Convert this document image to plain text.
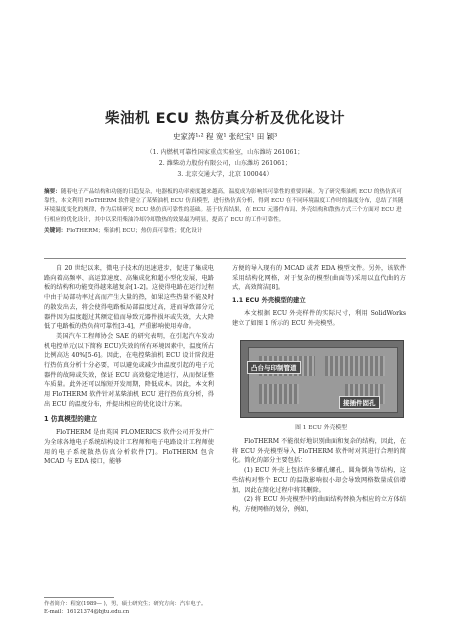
柴油机 ECU 热仿真分析及优化设计
史家涛¹˒² 程 宽¹ 张纪宝¹ 田 颖³
（1. 内燃机可靠性国家重点实验室，山东潍坊 261061；
2. 潍柴动力股份有限公司，山东潍坊 261061；
3. 北京交通大学，北京 100044）

摘要：随着电子产品结构和功能的日趋复杂，电器板的功率密度越来越高，温度成为影响其可靠性的重要因素。为了研究柴油机 ECU 的热仿真可靠性，本文利用 FloTHERM 软件建立了某柴油机 ECU 仿真模型，进行热仿真分析，得到 ECU 在不同环境温度工作时的温度分布，总结了其随环境温度变化的规律，作为后续研究 ECU 热仿真可靠性的基础。基于仿真结果，在 ECU 元器件布局、外壳结构和散热方式三个方面对 ECU 进行相应的优化设计，其中以采用柴油冷却冷却散热的效果最为明显，提高了 ECU 的工作可靠性。

关键词：FloTHERM；柴油机 ECU；热仿真可靠性；优化设计

自 20 世纪以来，微电子技术的迅速进步，促进了集成电路向着高频率、高运算速度、高集成化和超小型化发展，电路板的结构和功能变得越来越复杂[1-2]。这使得电路在运行过程中由于局部功率过高而产生大量的热，如果这些热量不能及时的散发出去，将会使得电路板局部温度过高，进而导致部分元器件因为温度超过其额定值而导致元器件损坏或失效，大大降低了电路板的热负荷可靠性[3-4]，严重影响使用寿命。

美国汽车工程师协会 SAE 的研究表明，在引起汽车发动机电控单元(以下简称 ECU)失效的所有环境因素中，温度所占比例高达 40%[5-6]。因此，在电控柴油机 ECU 设计阶段进行热仿真分析十分必要，可以避免或减少由温度引起的电子元器件的故障或失效，保证 ECU 高效稳定地运行，从而保证整车质量。此外还可以缩短开发周期，降低成本。因此，本文利用 FloTHERM 软件针对某柴油机 ECU 进行热仿真分析，得出 ECU 的温度分布，并提出相应的优化设计方案。

1 仿真模型的建立

FloTHERM 是由英国 FLOMERICS 软件公司开发并广为全球各地电子系统结构设计工程师和电子电路设计工程师使用的电子系统散热仿真分析软件[7]。FloTHERM 包含 MCAD 与 EDA 接口，能够

方便的导入现有的 MCAD 或者 EDA 模型文件。另外，该软件采用结构化网格，对于复杂的模型(曲面等)采用以直代曲的方式，高效简洁[8]。

1.1 ECU 外壳模型的建立

本文根据 ECU 外壳样件的实际尺寸，利用 SolidWorks 建立了如图 1 所示的 ECU 外壳模型。

凸台与印制管道
接插件固孔
图 1 ECU 外壳模型

FloTHERM 不能很好地识别曲面和复杂的结构，因此，在将 ECU 外壳模型导入 FloTHERM 软件时对其进行合理的简化。简化的部分主要包括：

(1) ECU 外壳上包括许多螺孔螺孔、圆角倒角等结构，这些结构对整个 ECU 的温散影响很小却会导致网格数量成倍增加，因此在简化过程中将其删除。

(2) 将 ECU 外壳模型中的曲面结构替换为相应的立方体结构，方便网格的划分，例如，

作者简介：程宽(1989— )，男，硕士研究生；研究方向：汽车电子。
E-mail：16121374@bjtu.edu.cn
